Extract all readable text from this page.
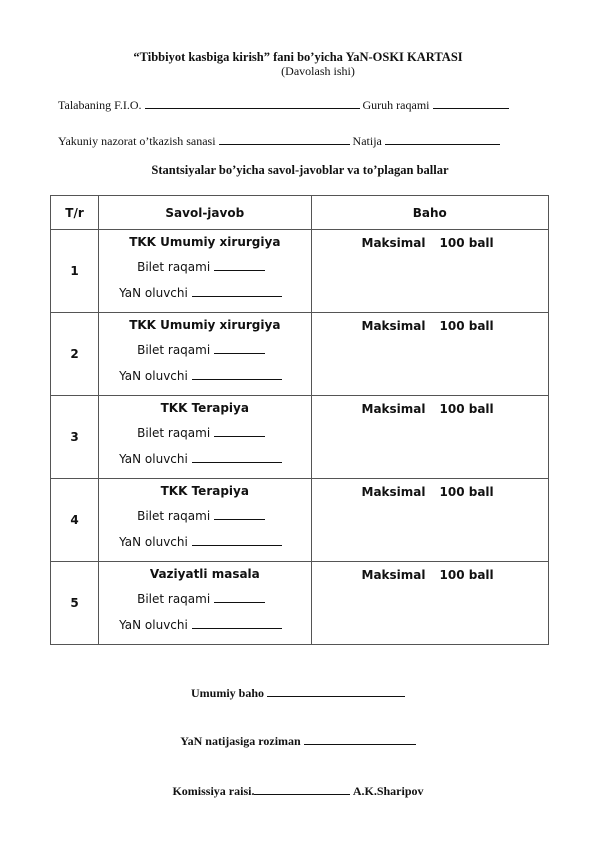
“Tibbiyot kasbiga kirish” fani bo’yicha YaN-OSKI KARTASI
(Davolash ishi)
Talabaning F.I.O.	Guruh raqami
Yakuniy nazorat o’tkazish sanasi	Natija
Stantsiyalar bo’yicha savol-javoblar va to’plagan ballar
T/r	Savol-javob	Baho
1	TKK Umumiy xirurgiya
Bilet raqami
YaN oluvchi	Maksimal 100 ball
2	TKK Umumiy xirurgiya
Bilet raqami
YaN oluvchi	Maksimal 100 ball
3	TKK Terapiya
Bilet raqami
YaN oluvchi	Maksimal 100 ball
4	TKK Terapiya
Bilet raqami
YaN oluvchi	Maksimal 100 ball
5	Vaziyatli masala
Bilet raqami
YaN oluvchi	Maksimal 100 ball
Umumiy baho
YaN natijasiga roziman
Komissiya raisi.	A.K.Sharipov
